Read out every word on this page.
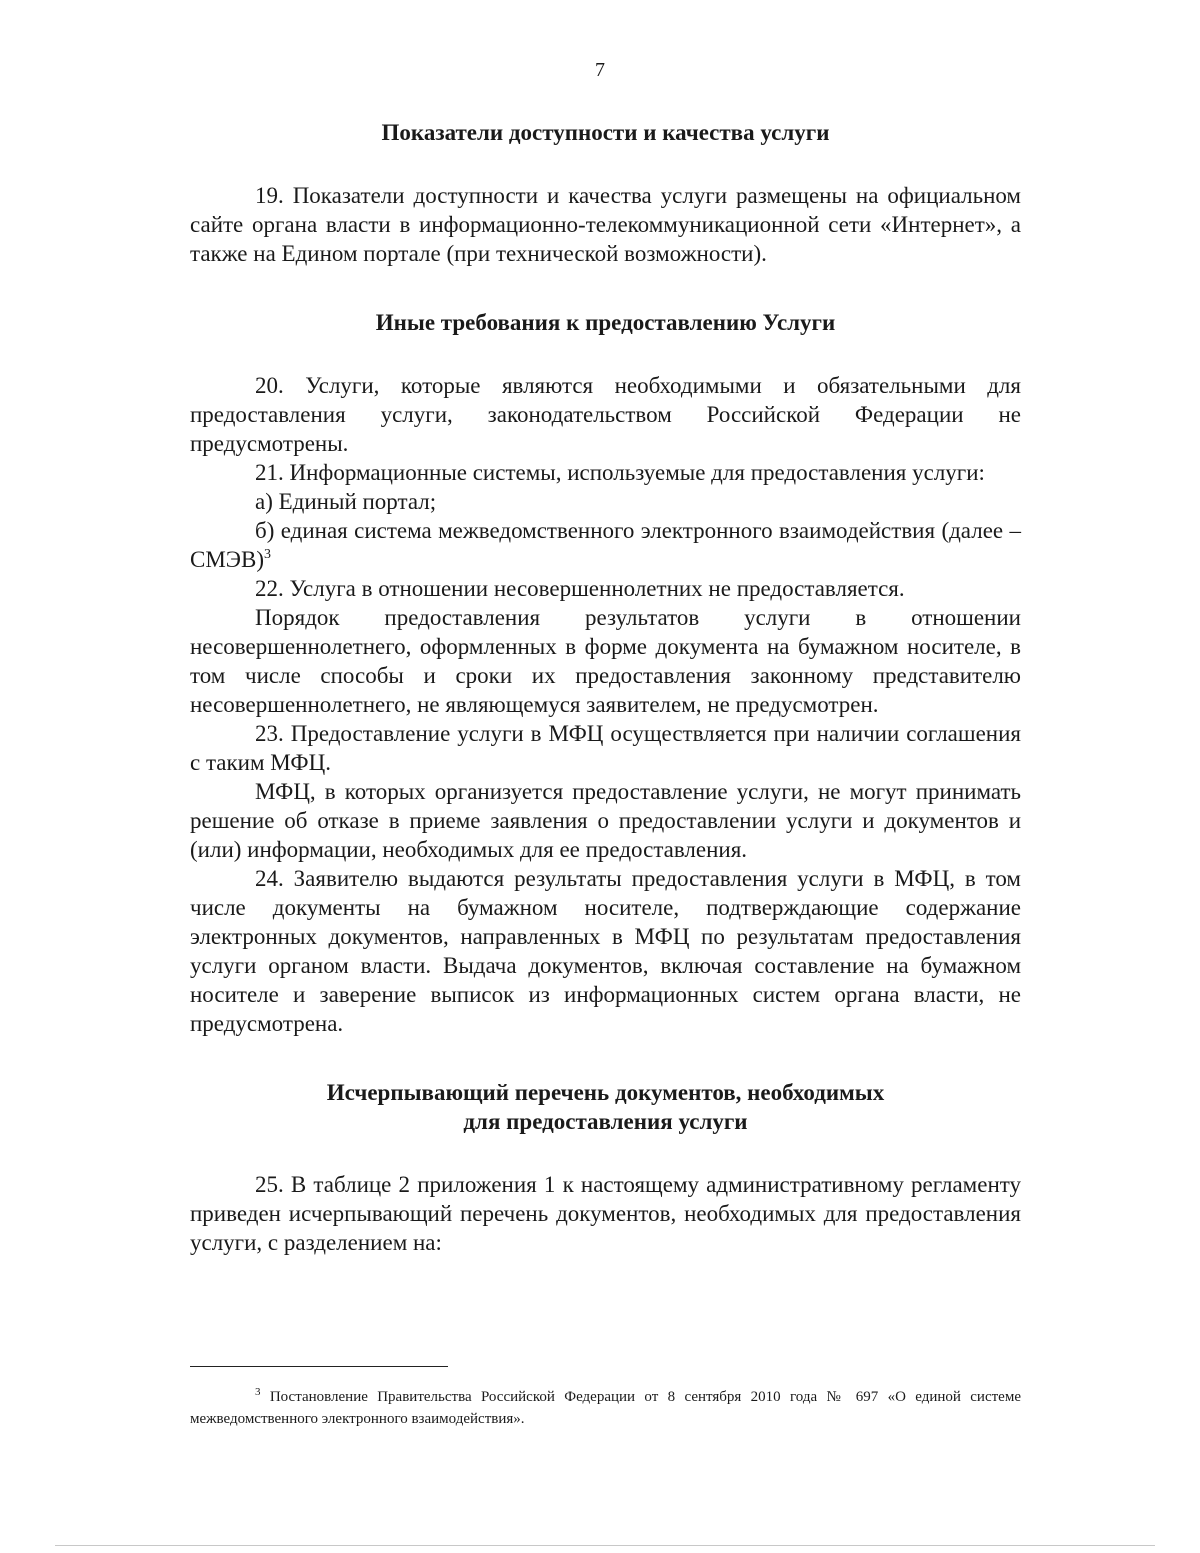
7

Показатели доступности и качества услуги

19. Показатели доступности и качества услуги размещены на официальном сайте органа власти в информационно-телекоммуникационной сети «Интернет», а также на Едином портале (при технической возможности).

Иные требования к предоставлению Услуги

20. Услуги, которые являются необходимыми и обязательными для предоставления услуги, законодательством Российской Федерации не предусмотрены.

21. Информационные системы, используемые для предоставления услуги:

а) Единый портал;

б) единая система межведомственного электронного взаимодействия (далее – СМЭВ)$^3$

22. Услуга в отношении несовершеннолетних не предоставляется.

Порядок предоставления результатов услуги в отношении несовершеннолетнего, оформленных в форме документа на бумажном носителе, в том числе способы и сроки их предоставления законному представителю несовершеннолетнего, не являющемуся заявителем, не предусмотрен.

23. Предоставление услуги в МФЦ осуществляется при наличии соглашения с таким МФЦ.

МФЦ, в которых организуется предоставление услуги, не могут принимать решение об отказе в приеме заявления о предоставлении услуги и документов и (или) информации, необходимых для ее предоставления.

24. Заявителю выдаются результаты предоставления услуги в МФЦ, в том числе документы на бумажном носителе, подтверждающие содержание электронных документов, направленных в МФЦ по результатам предоставления услуги органом власти. Выдача документов, включая составление на бумажном носителе и заверение выписок из информационных систем органа власти, не предусмотрена.

Исчерпывающий перечень документов, необходимых

для предоставления услуги

25. В таблице 2 приложения 1 к настоящему административному регламенту приведен исчерпывающий перечень документов, необходимых для предоставления услуги, с разделением на:

$^3$ Постановление Правительства Российской Федерации от 8 сентября 2010 года № 697 «О единой системе межведомственного электронного взаимодействия».
